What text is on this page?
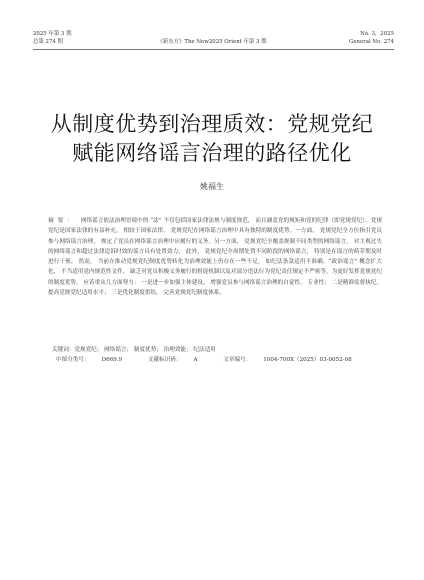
2025 年第 3 期
总第 274 期	《新东方》The New2025 Orient 年第 3 期
No. 3，2025
General No. 274
从制度优势到治理质效：党规党纪
赋能网络谣言治理的路径优化
姚福生
摘要： 网络谣言依法治理语境中的 “法” 不仅包括国家法律法规与制度规范， 而且涵盖党的规矩和党的纪律（即党规党纪）。党规党纪是国家法律的有益补充， 相较于国家法律， 党规党纪在网络谣言治理中具有独特的制度优势。一方面， 党规党纪全方位指引党员参与网络谣言治理， 规定了党员在网络谣言治理中应履行的义务。另一方面， 党规党纪全覆盖规制不同类型的网络谣言， 对主观过失的网络谣言和超过法律追诉时效的谣言具有处置效力。 此外， 党规党纪全周期处置不同阶段的网络谣言， 特别是在谣言的萌芽期及时进行干预。 然而， 当前在推动党规党纪制度优势转化为治理效能上仍存在一些不足， 如纪法条款适用不准确、“政治谣言” 概念扩大化、 不当适用党内规范性文件、 缺乏对党员积极义务履行的督促机制以及对部分违法行为党纪责任规定不严密等。为更好发挥党规党纪的制度优势， 应着重从几方面努力： 一是进一步加强主体建设， 增强党员参与网络谣言治理的自觉性、 专业性； 二是精准监督执纪， 提高党规党纪适用水平； 三是优化制度供给， 完善党规党纪制度体系。
关键词：党规党纪； 网络谣言； 制度优势； 治理效能； 纪法适用
中图分类号： D669.9	文献标识码： A	文章编号： 1004-700X（2025）03-0052-08
